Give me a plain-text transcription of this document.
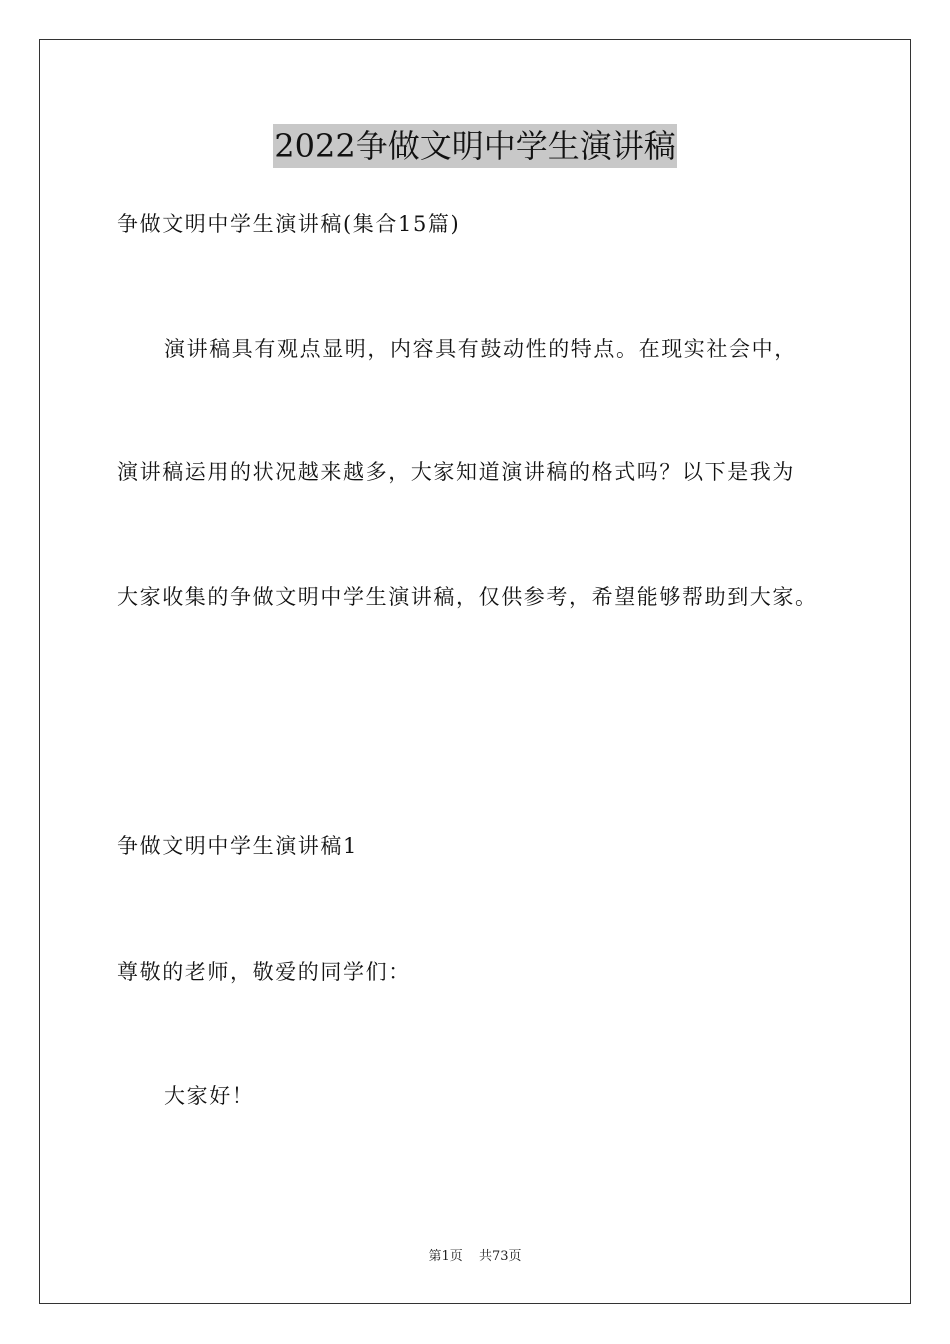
2022争做文明中学生演讲稿
争做文明中学生演讲稿(集合15篇)
演讲稿具有观点显明，内容具有鼓动性的特点。在现实社会中，
演讲稿运用的状况越来越多，大家知道演讲稿的格式吗？以下是我为
大家收集的争做文明中学生演讲稿，仅供参考，希望能够帮助到大家。
争做文明中学生演讲稿1
尊敬的老师，敬爱的同学们：
大家好！
第1页 共73页
